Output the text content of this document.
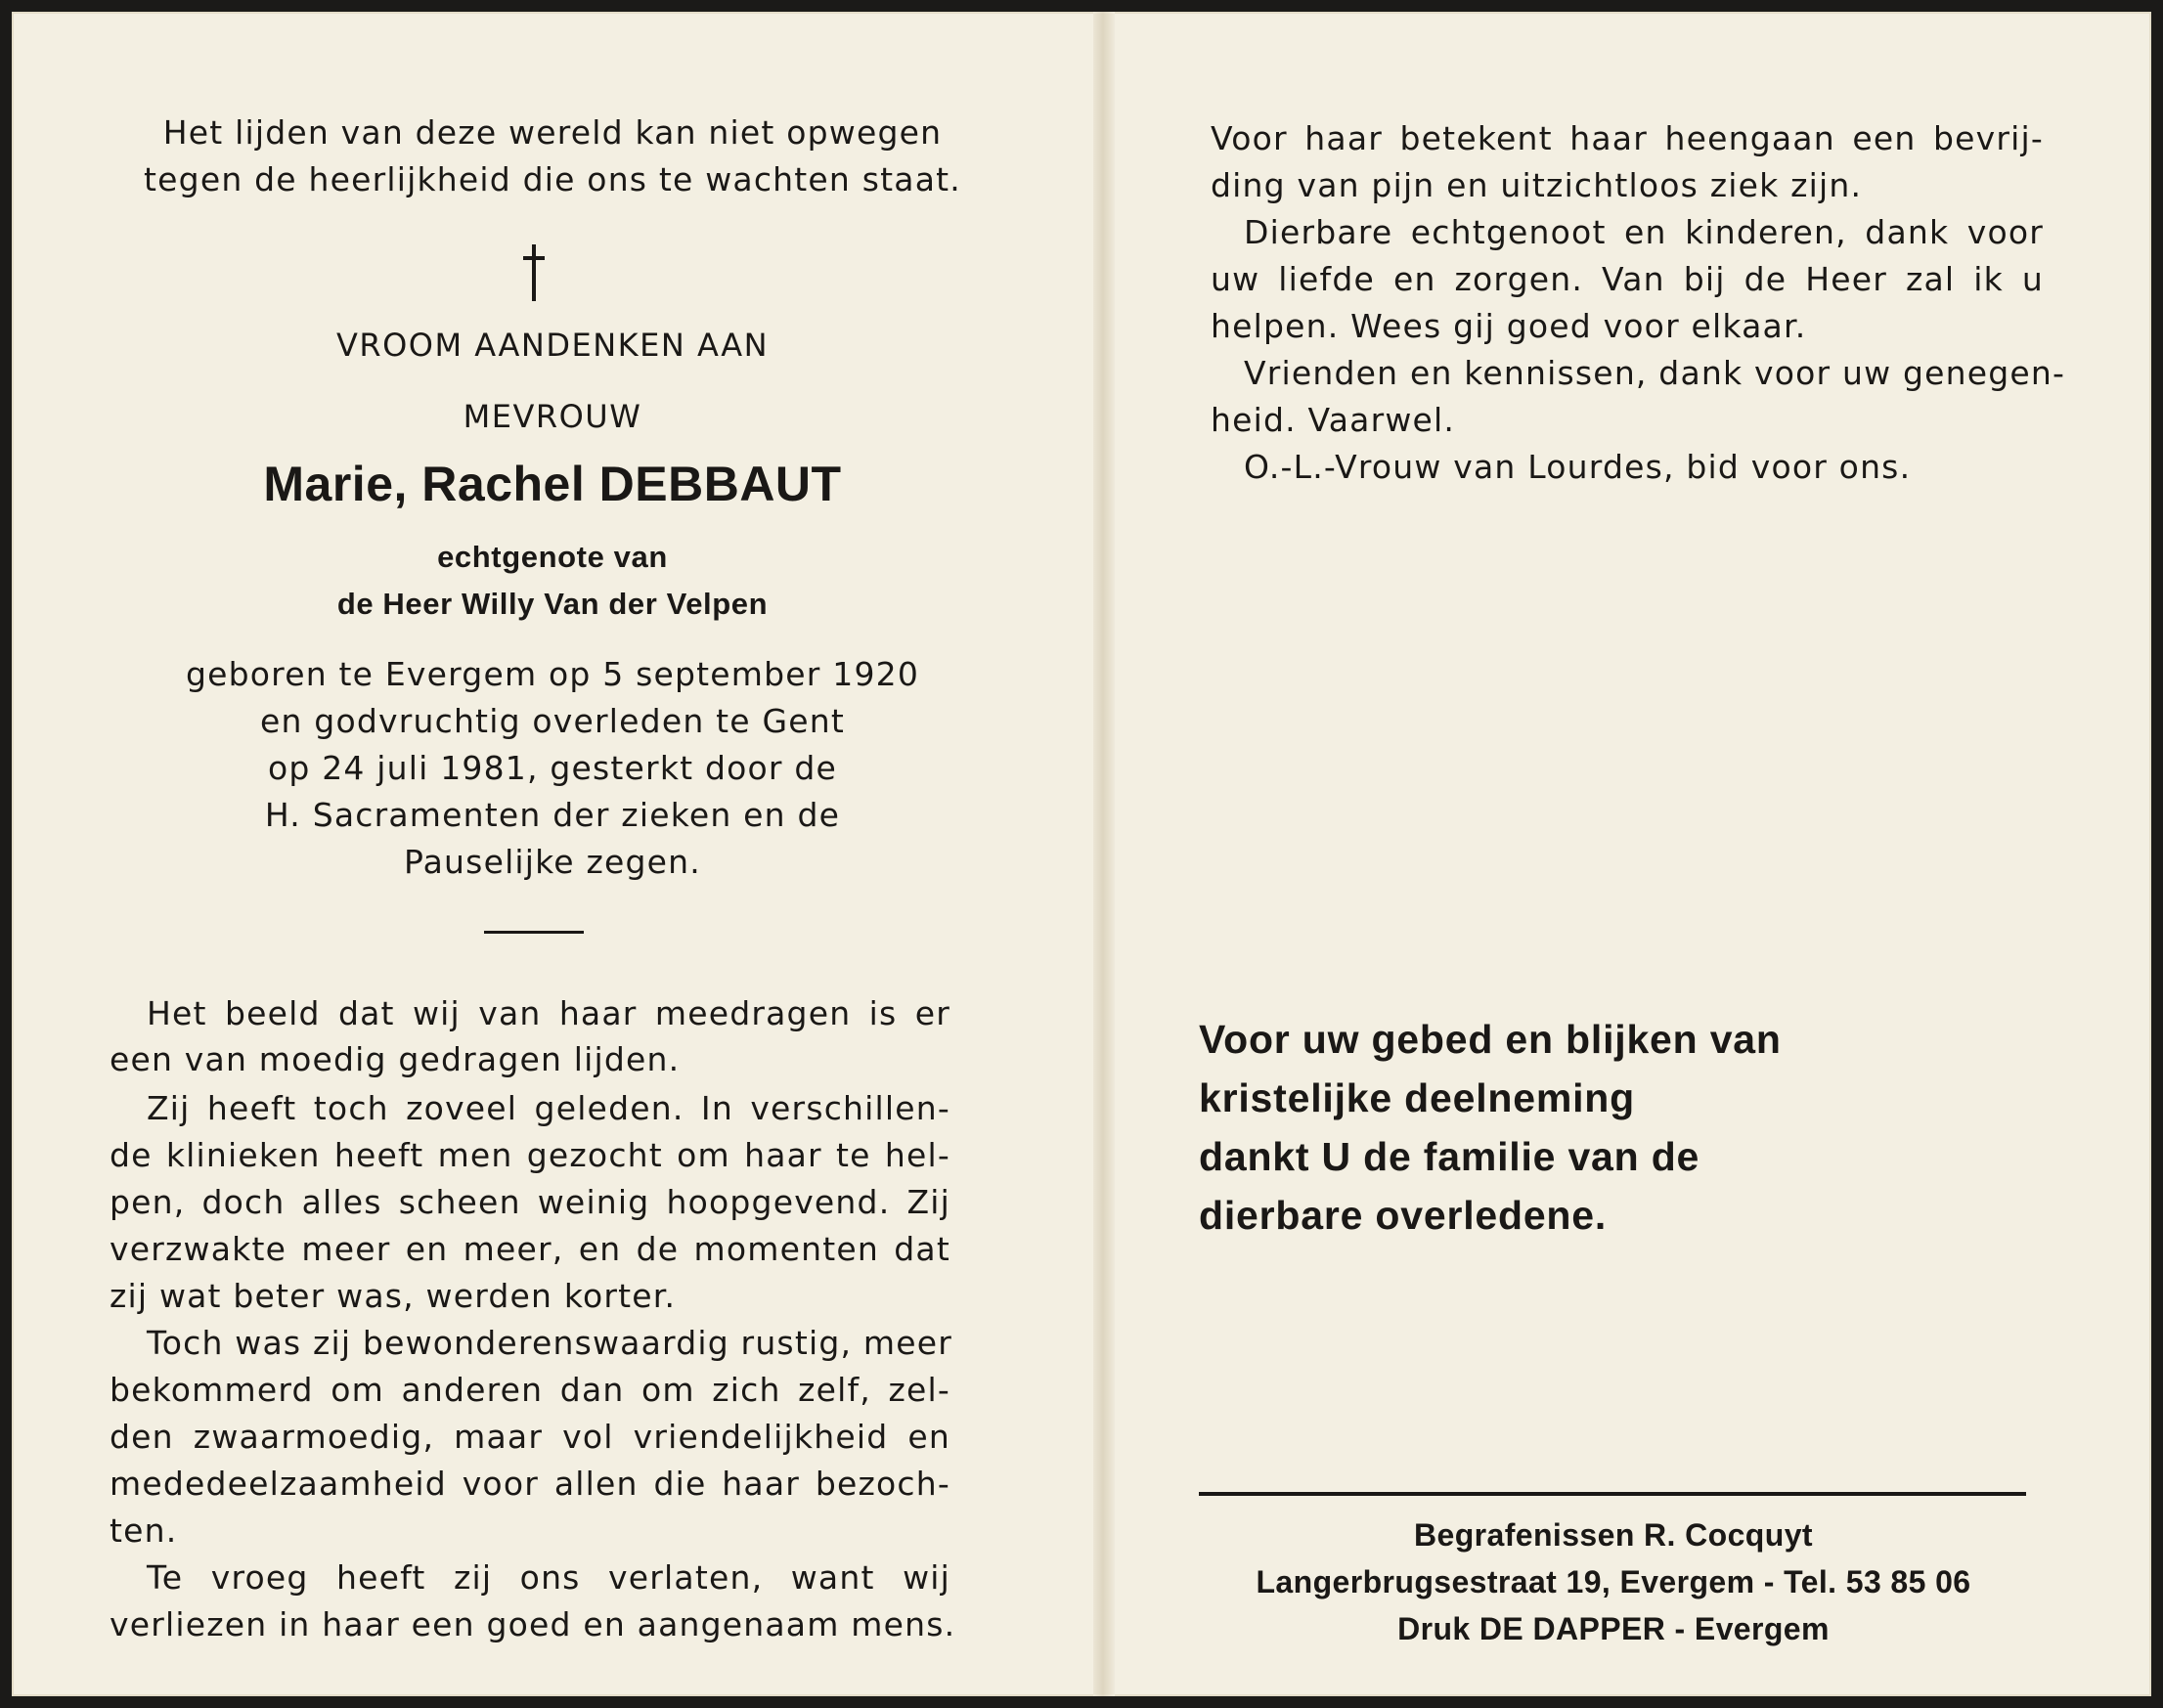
Het lijden van deze wereld kan niet opwegen

tegen de heerlijkheid die ons te wachten staat.

VROOM AANDENKEN AAN

MEVROUW

Marie, Rachel DEBBAUT

echtgenote van

de Heer Willy Van der Velpen

geboren te Evergem op 5 september 1920

en godvruchtig overleden te Gent

op 24 juli 1981, gesterkt door de

H. Sacramenten der zieken en de

Pauselijke zegen.

Het beeld dat wij van haar meedragen is er

een van moedig gedragen lijden.

Zij heeft toch zoveel geleden. In verschillen-

de klinieken heeft men gezocht om haar te hel-

pen, doch alles scheen weinig hoopgevend. Zij

verzwakte meer en meer, en de momenten dat

zij wat beter was, werden korter.

Toch was zij bewonderenswaardig rustig, meer

bekommerd om anderen dan om zich zelf, zel-

den zwaarmoedig, maar vol vriendelijkheid en

mededeelzaamheid voor allen die haar bezoch-

ten.

Te vroeg heeft zij ons verlaten, want wij

verliezen in haar een goed en aangenaam mens.

Voor haar betekent haar heengaan een bevrij-

ding van pijn en uitzichtloos ziek zijn.

Dierbare echtgenoot en kinderen, dank voor

uw liefde en zorgen. Van bij de Heer zal ik u

helpen. Wees gij goed voor elkaar.

Vrienden en kennissen, dank voor uw genegen-

heid. Vaarwel.

O.-L.-Vrouw van Lourdes, bid voor ons.

Voor uw gebed en blijken van

kristelijke deelneming

dankt U de familie van de

dierbare overledene.

Begrafenissen R. Cocquyt

Langerbrugsestraat 19, Evergem - Tel. 53 85 06

Druk DE DAPPER - Evergem
